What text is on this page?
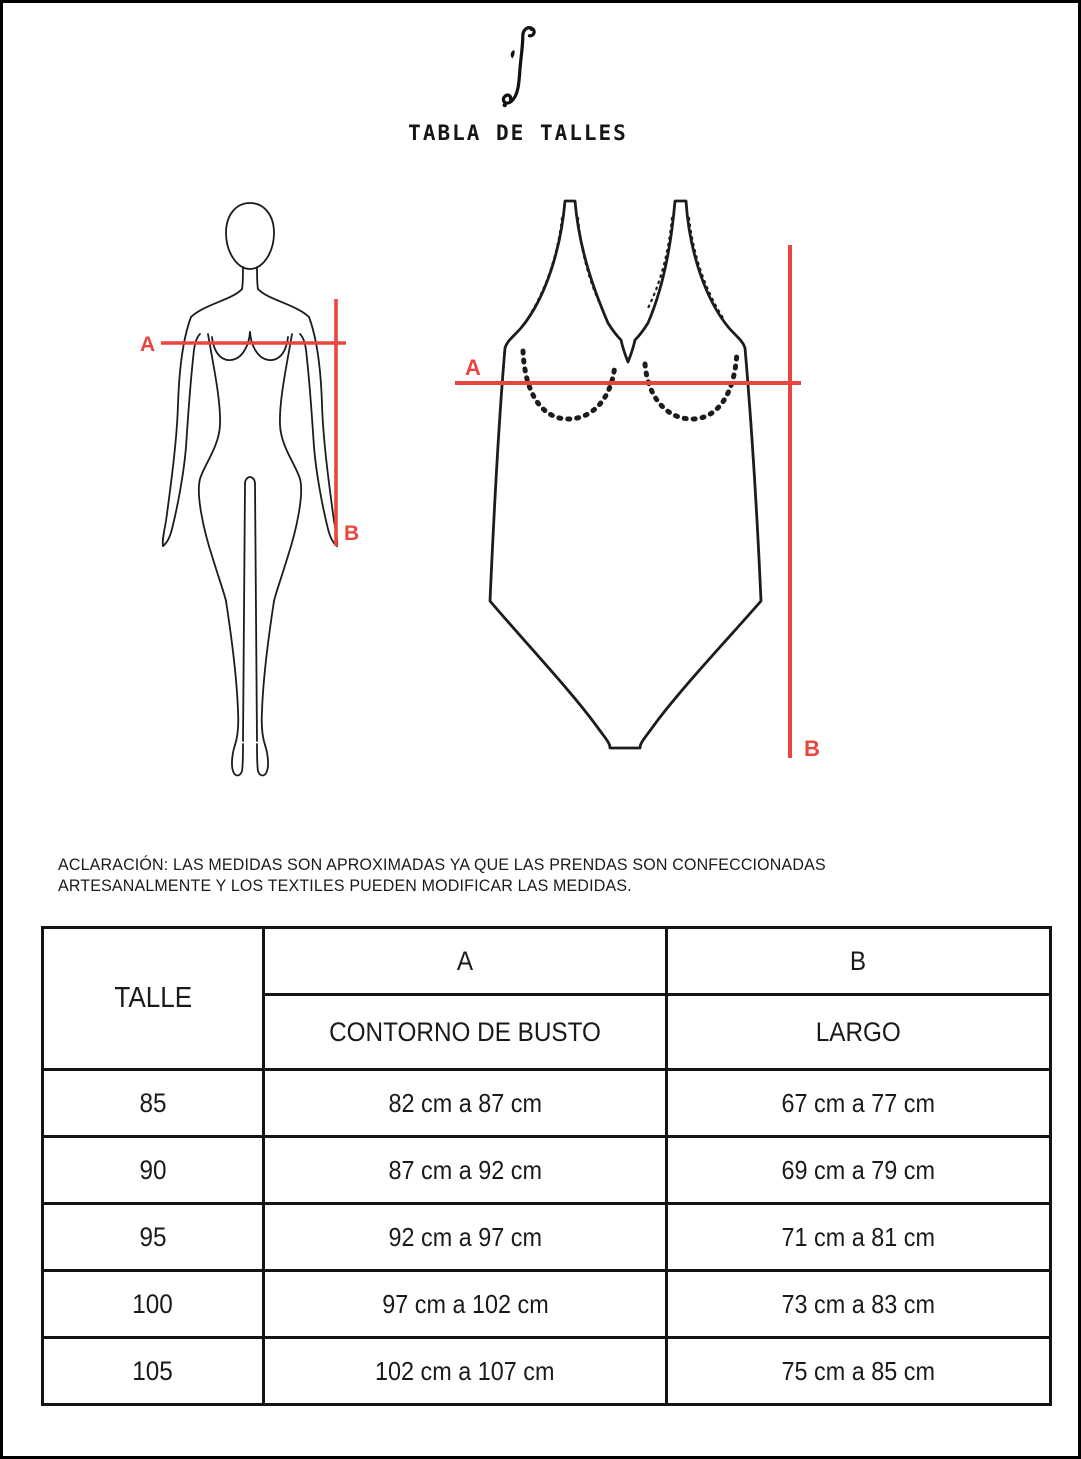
TABLA DE TALLES
A
B
A
B
ACLARACIÓN: LAS MEDIDAS SON APROXIMADAS YA QUE LAS PRENDAS SON CONFECCIONADAS
ARTESANALMENTE Y LOS TEXTILES PUEDEN MODIFICAR LAS MEDIDAS.
TALLE	A	B
	CONTORNO DE BUSTO	LARGO
85	82 cm a 87 cm	67 cm a 77 cm
90	87 cm a 92 cm	69 cm a 79 cm
95	92 cm a 97 cm	71 cm a 81 cm
100	97 cm a 102 cm	73 cm a 83 cm
105	102 cm a 107 cm	75 cm a 85 cm
